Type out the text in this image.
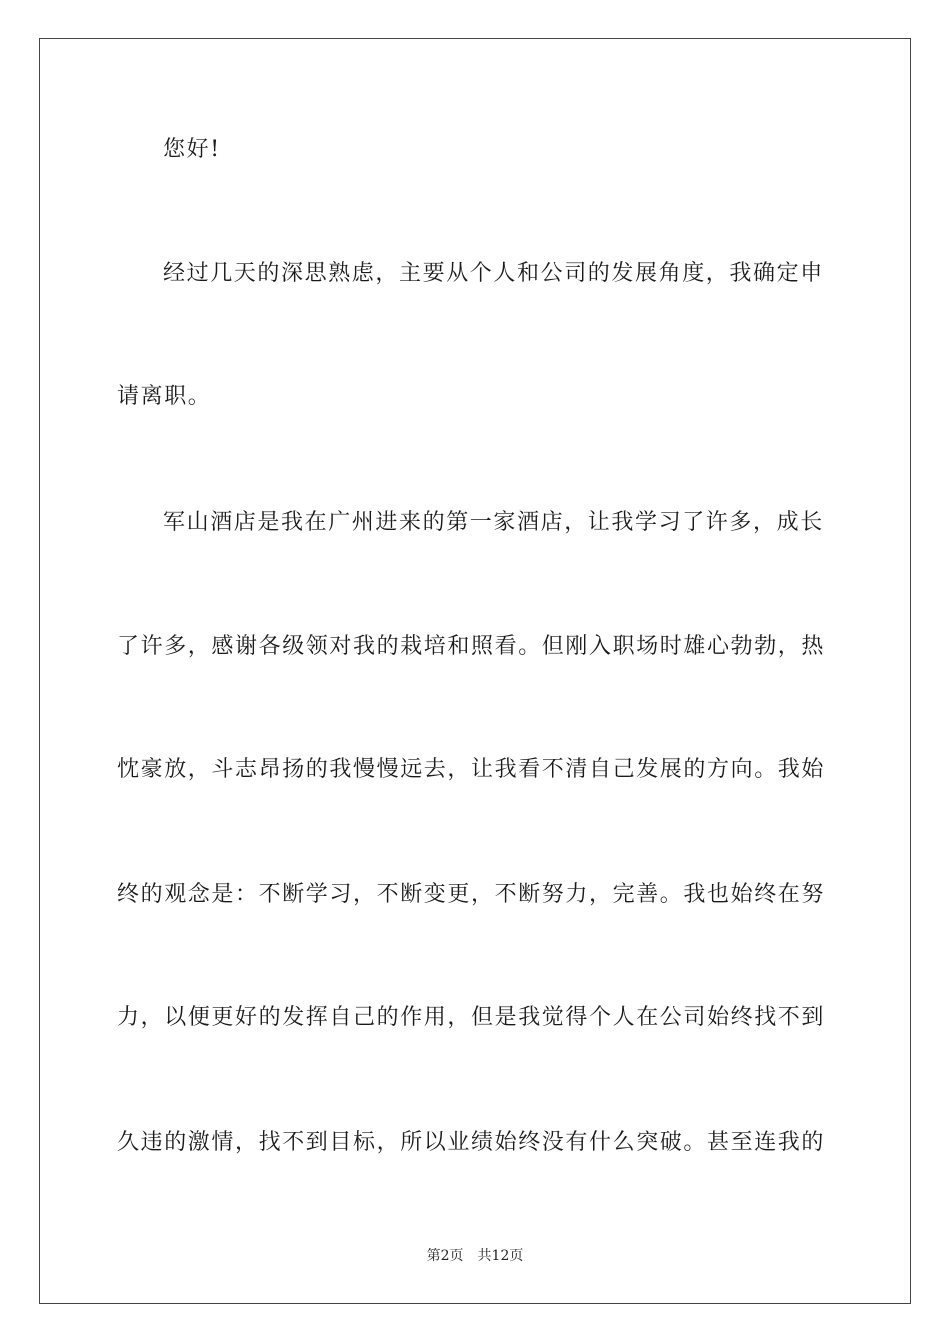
您好!
经过几天的深思熟虑，主要从个人和公司的发展角度，我确定申
请离职。
军山酒店是我在广州进来的第一家酒店，让我学习了许多，成长
了许多，感谢各级领对我的栽培和照看。但刚入职场时雄心勃勃，热
忱豪放，斗志昂扬的我慢慢远去，让我看不清自己发展的方向。我始
终的观念是：不断学习，不断变更，不断努力，完善。我也始终在努
力，以便更好的发挥自己的作用，但是我觉得个人在公司始终找不到
久违的激情，找不到目标，所以业绩始终没有什么突破。甚至连我的
第2页 共12页
